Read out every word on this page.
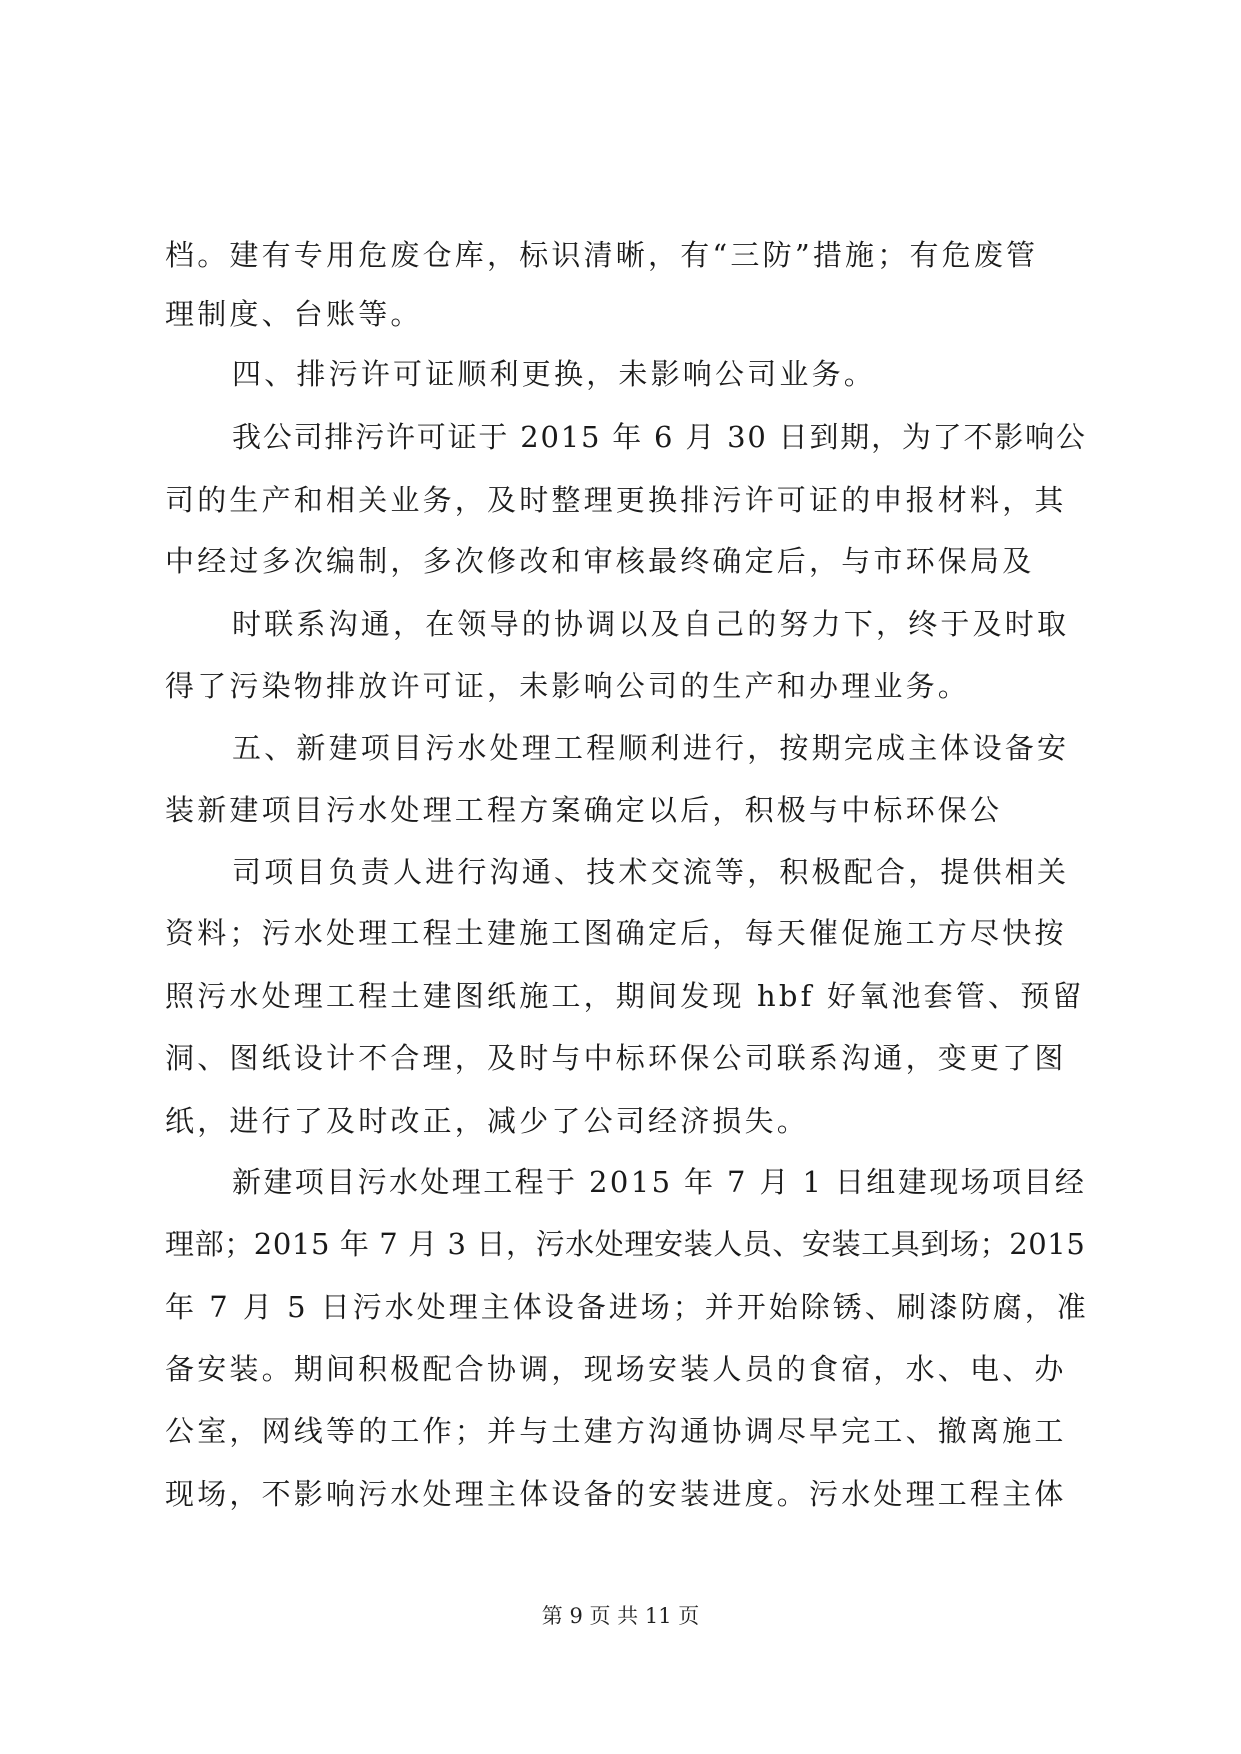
档。建有专用危废仓库，标识清晰，有“三防”措施；有危废管
理制度、台账等。
四、排污许可证顺利更换，未影响公司业务。
我公司排污许可证于 2015 年 6 月 30 日到期，为了不影响公
司的生产和相关业务，及时整理更换排污许可证的申报材料，其
中经过多次编制，多次修改和审核最终确定后，与市环保局及
时联系沟通，在领导的协调以及自己的努力下，终于及时取
得了污染物排放许可证，未影响公司的生产和办理业务。
五、新建项目污水处理工程顺利进行，按期完成主体设备安
装新建项目污水处理工程方案确定以后，积极与中标环保公
司项目负责人进行沟通、技术交流等，积极配合，提供相关
资料；污水处理工程土建施工图确定后，每天催促施工方尽快按
照污水处理工程土建图纸施工，期间发现 hbf 好氧池套管、预留
洞、图纸设计不合理，及时与中标环保公司联系沟通，变更了图
纸，进行了及时改正，减少了公司经济损失。
新建项目污水处理工程于 2015 年 7 月 1 日组建现场项目经
理部；2015 年 7 月 3 日，污水处理安装人员、安装工具到场；2015
年 7 月 5 日污水处理主体设备进场；并开始除锈、刷漆防腐，准
备安装。期间积极配合协调，现场安装人员的食宿，水、电、办
公室，网线等的工作；并与土建方沟通协调尽早完工、撤离施工
现场，不影响污水处理主体设备的安装进度。污水处理工程主体
第 9 页 共 11 页
